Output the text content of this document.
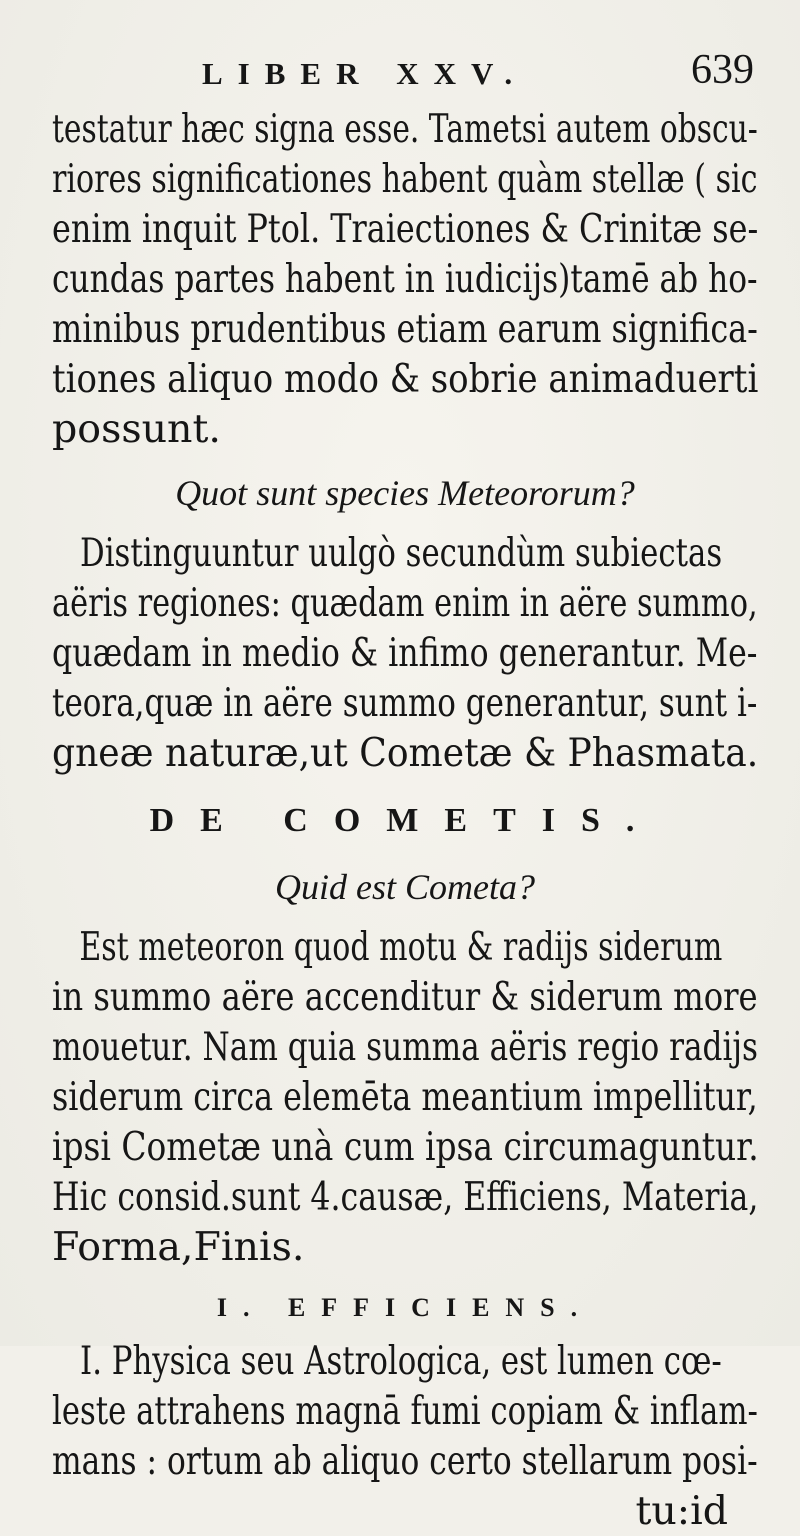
LIBER XXV.	639
testatur hæc signa esse. Tametsi autem obscu-
riores significationes habent quàm stellæ ( sic
enim inquit Ptol. Traiectiones & Crinitæ se-
cundas partes habent in iudicijs)tamē ab ho-
minibus prudentibus etiam earum significa-
tiones aliquo modo & sobrie animaduerti
possunt.
Quot sunt species Meteororum?
Distinguuntur uulgò secundùm subiectas
aëris regiones: quædam enim in aëre summo,
quædam in medio & infimo generantur. Me-
teora,quæ in aëre summo generantur, sunt i-
gneæ naturæ,ut Cometæ & Phasmata.
DE COMETIS.
Quid est Cometa?
Est meteoron quod motu & radijs siderum
in summo aëre accenditur & siderum more
mouetur. Nam quia summa aëris regio radijs
siderum circa elemēta meantium impellitur,
ipsi Cometæ unà cum ipsa circumaguntur.
Hic consid.sunt 4.causæ, Efficiens, Materia,
Forma,Finis.
I. EFFICIENS.
I. Physica seu Astrologica, est lumen cœ-
leste attrahens magnā fumi copiam & inflam-
mans : ortum ab aliquo certo stellarum posi-
tu:id
